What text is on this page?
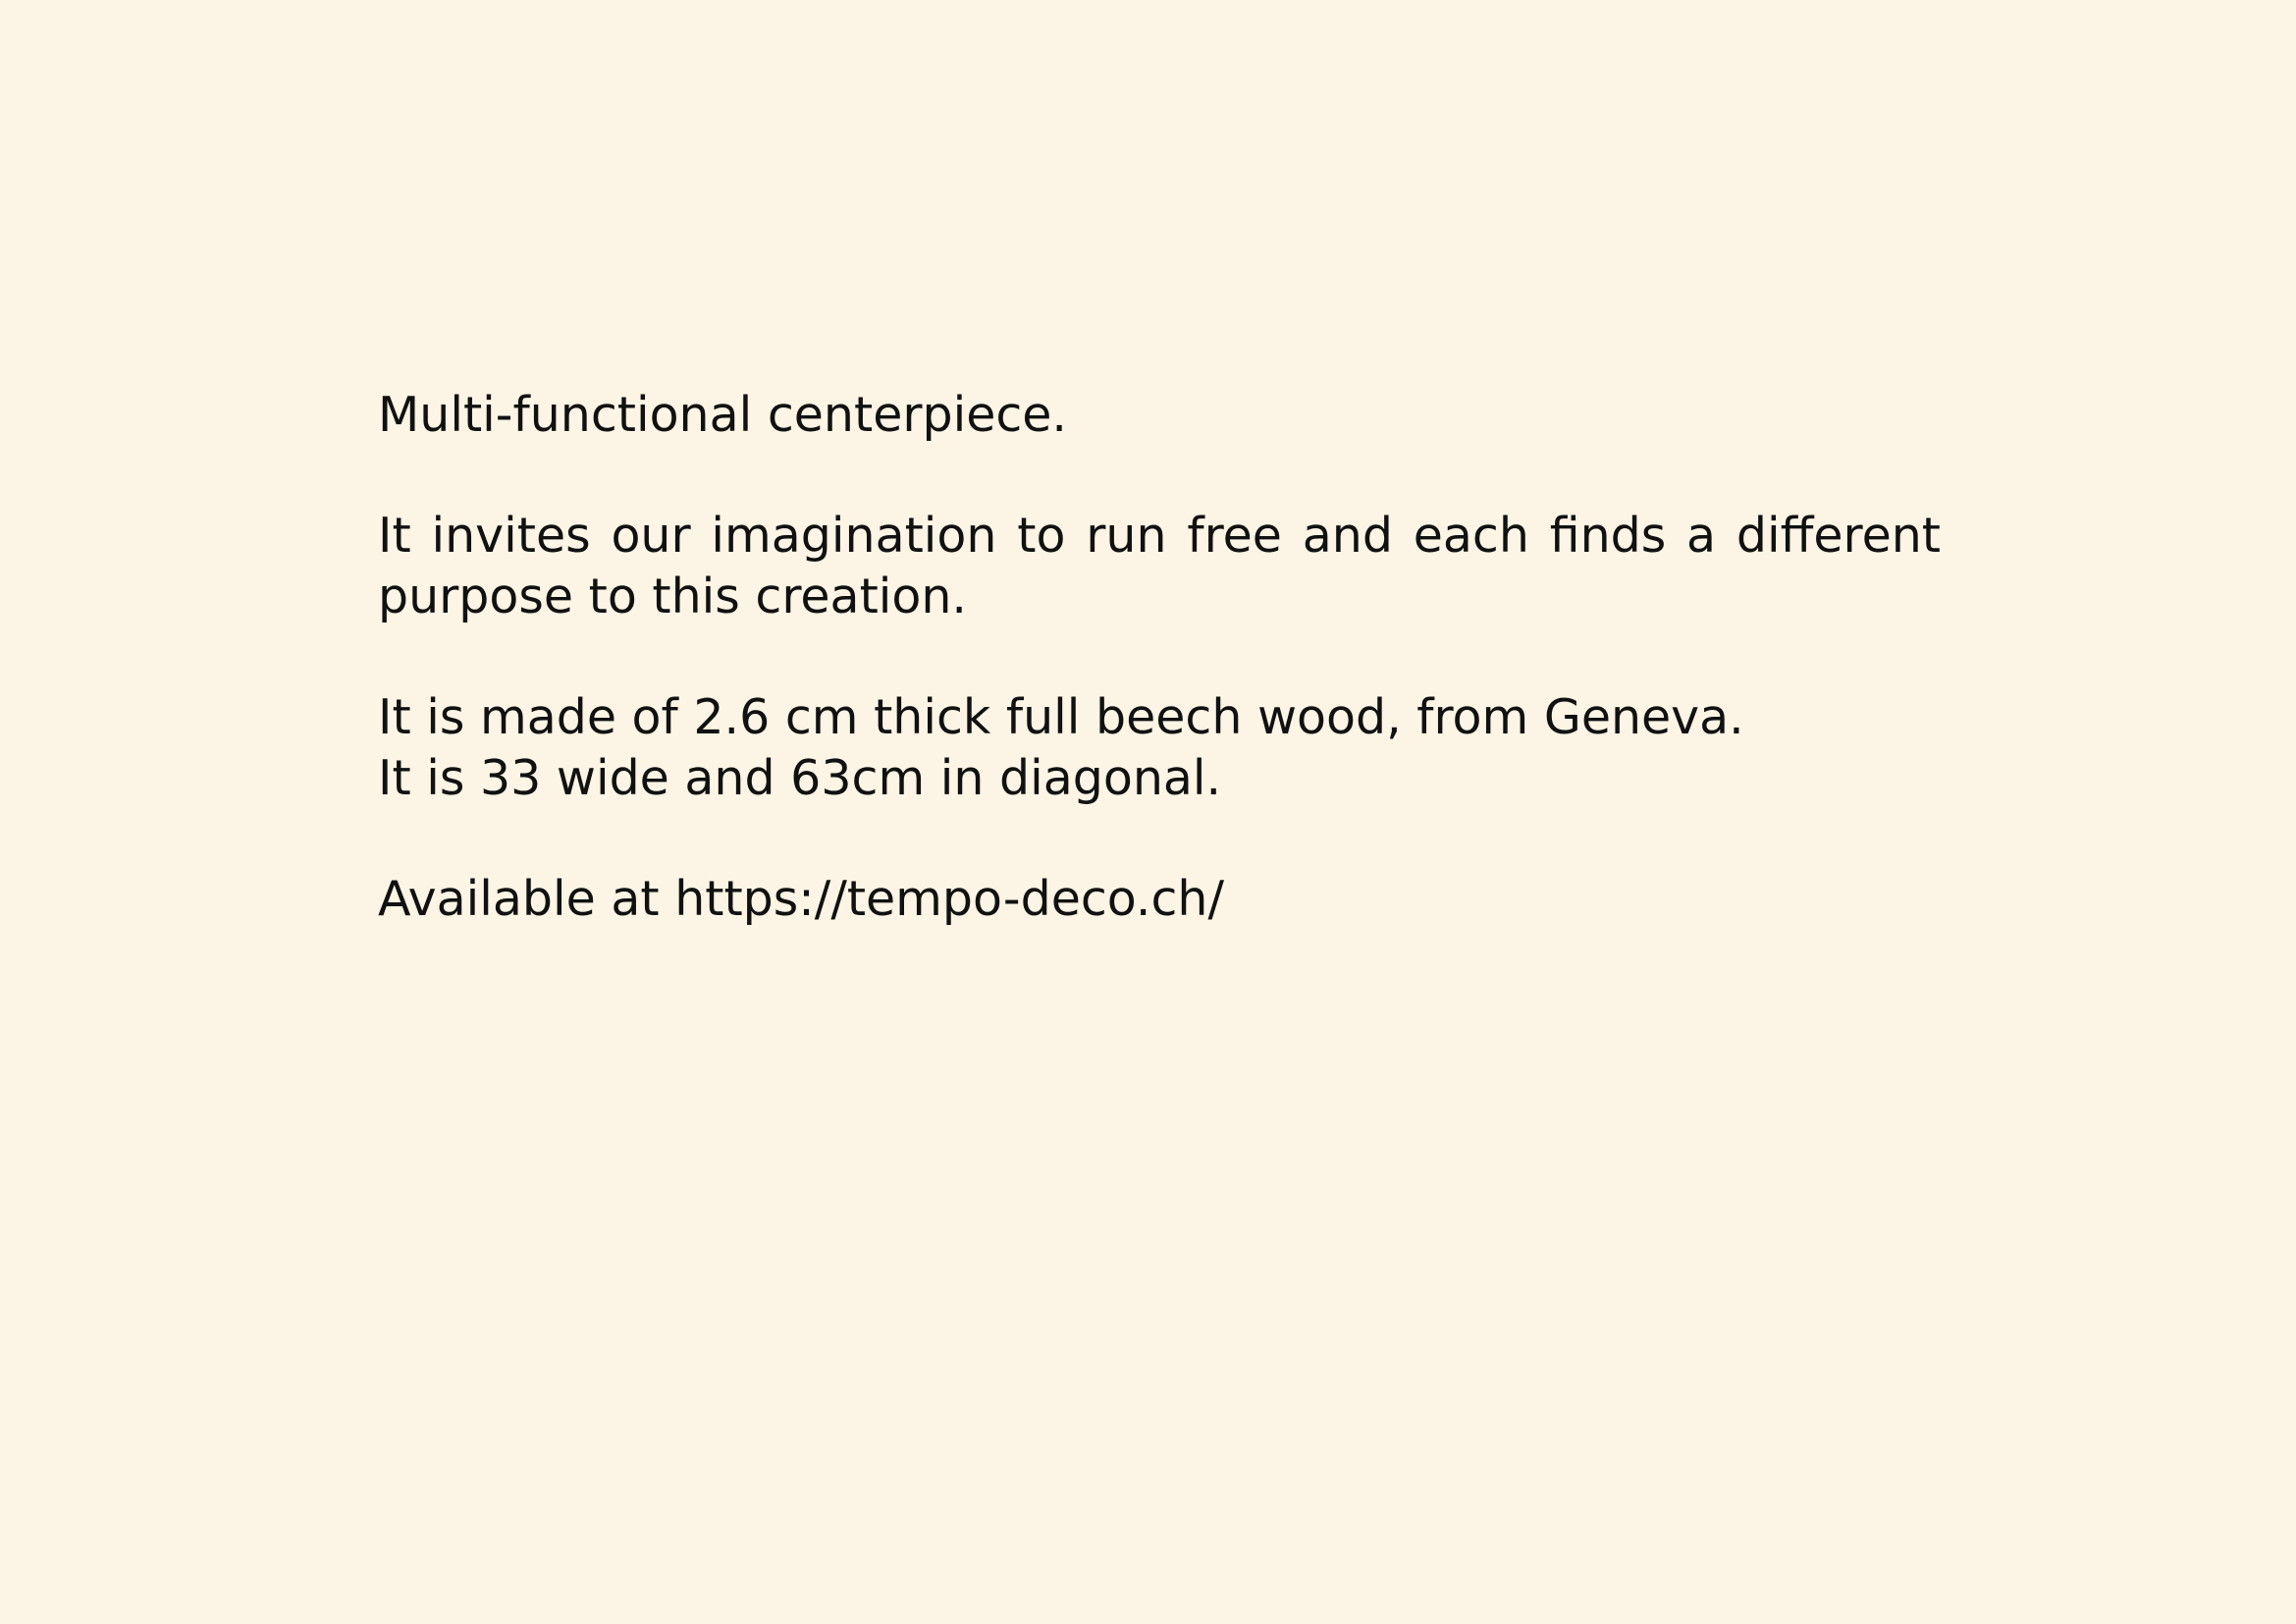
Multi-functional centerpiece.

It invites our imagination to run free and each finds a different purpose to this creation.

It is made of 2.6 cm thick full beech wood, from Geneva.
It is 33 wide and 63cm in diagonal.

Available at https://tempo-deco.ch/
